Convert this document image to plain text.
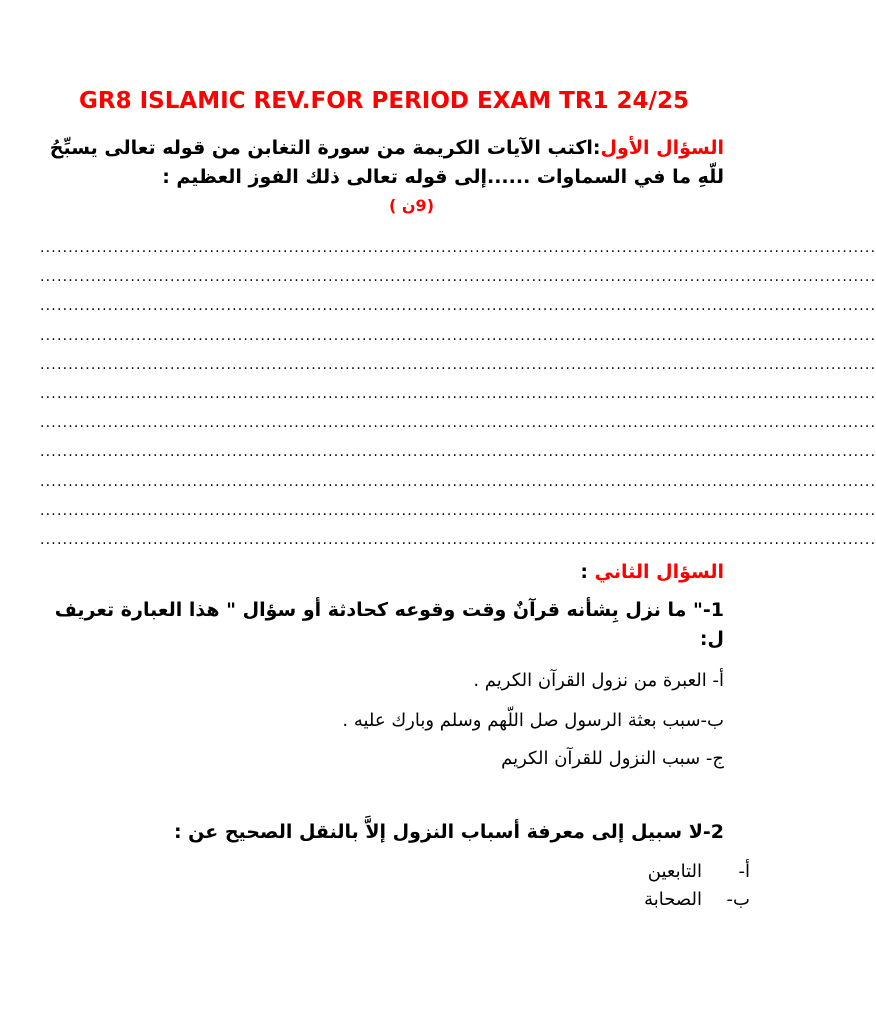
GR8 ISLAMIC REV.FOR PERIOD EXAM TR1 24/25
السؤال الأول:اكتب الآيات الكريمة من سورة التغابن من قوله تعالى يسبِّحُ للّهِ ما في السماوات ......إلى قوله تعالى ذلك الفوز العظيم :
(9ن )
....................................................................................................................................................
....................................................................................................................................................
....................................................................................................................................................
....................................................................................................................................................
....................................................................................................................................................
....................................................................................................................................................
....................................................................................................................................................
....................................................................................................................................................
....................................................................................................................................................
....................................................................................................................................................
....................................................................................................................................................
السؤال الثاني :
1-" ما نزل بِشأنه قرآنٌ وقت وقوعه كحادثة أو سؤال " هذا العبارة تعريف ل:
أ- العبرة من نزول القرآن الكريم .
ب-سبب بعثة الرسول صل اللّهم وسلم وبارك عليه .
ج- سبب النزول للقرآن الكريم
2-لا سبيل إلى معرفة أسباب النزول إلاَّ بالنقل الصحيح عن :
أ-التابعين
ب-الصحابة
